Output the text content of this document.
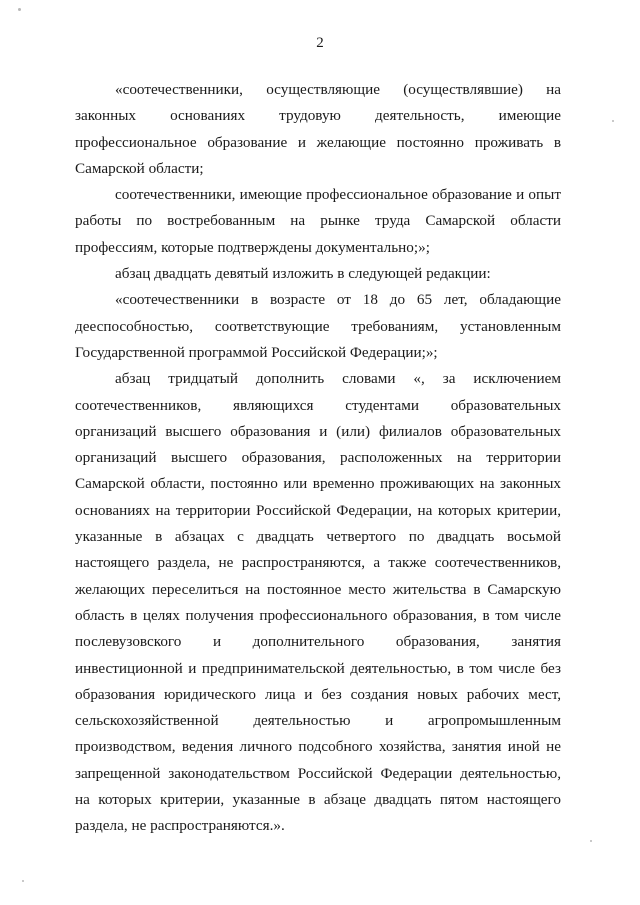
2

«соотечественники, осуществляющие (осуществлявшие) на законных основаниях трудовую деятельность, имеющие профессиональное образование и желающие постоянно проживать в Самарской области;

соотечественники, имеющие профессиональное образование и опыт работы по востребованным на рынке труда Самарской области профессиям, которые подтверждены документально;»;

абзац двадцать девятый изложить в следующей редакции:

«соотечественники в возрасте от 18 до 65 лет, обладающие дееспособностью, соответствующие требованиям, установленным Государственной программой Российской Федерации;»;

абзац тридцатый дополнить словами «, за исключением соотечественников, являющихся студентами образовательных организаций высшего образования и (или) филиалов образовательных организаций высшего образования, расположенных на территории Самарской области, постоянно или временно проживающих на законных основаниях на территории Российской Федерации, на которых критерии, указанные в абзацах с двадцать четвертого по двадцать восьмой настоящего раздела, не распространяются, а также соотечественников, желающих переселиться на постоянное место жительства в Самарскую область в целях получения профессионального образования, в том числе послевузовского и дополнительного образования, занятия инвестиционной и предпринимательской деятельностью, в том числе без образования юридического лица и без создания новых рабочих мест, сельскохозяйственной деятельностью и агропромышленным производством, ведения личного подсобного хозяйства, занятия иной не запрещенной законодательством Российской Федерации деятельностью, на которых критерии, указанные в абзаце двадцать пятом настоящего раздела, не распространяются.».
